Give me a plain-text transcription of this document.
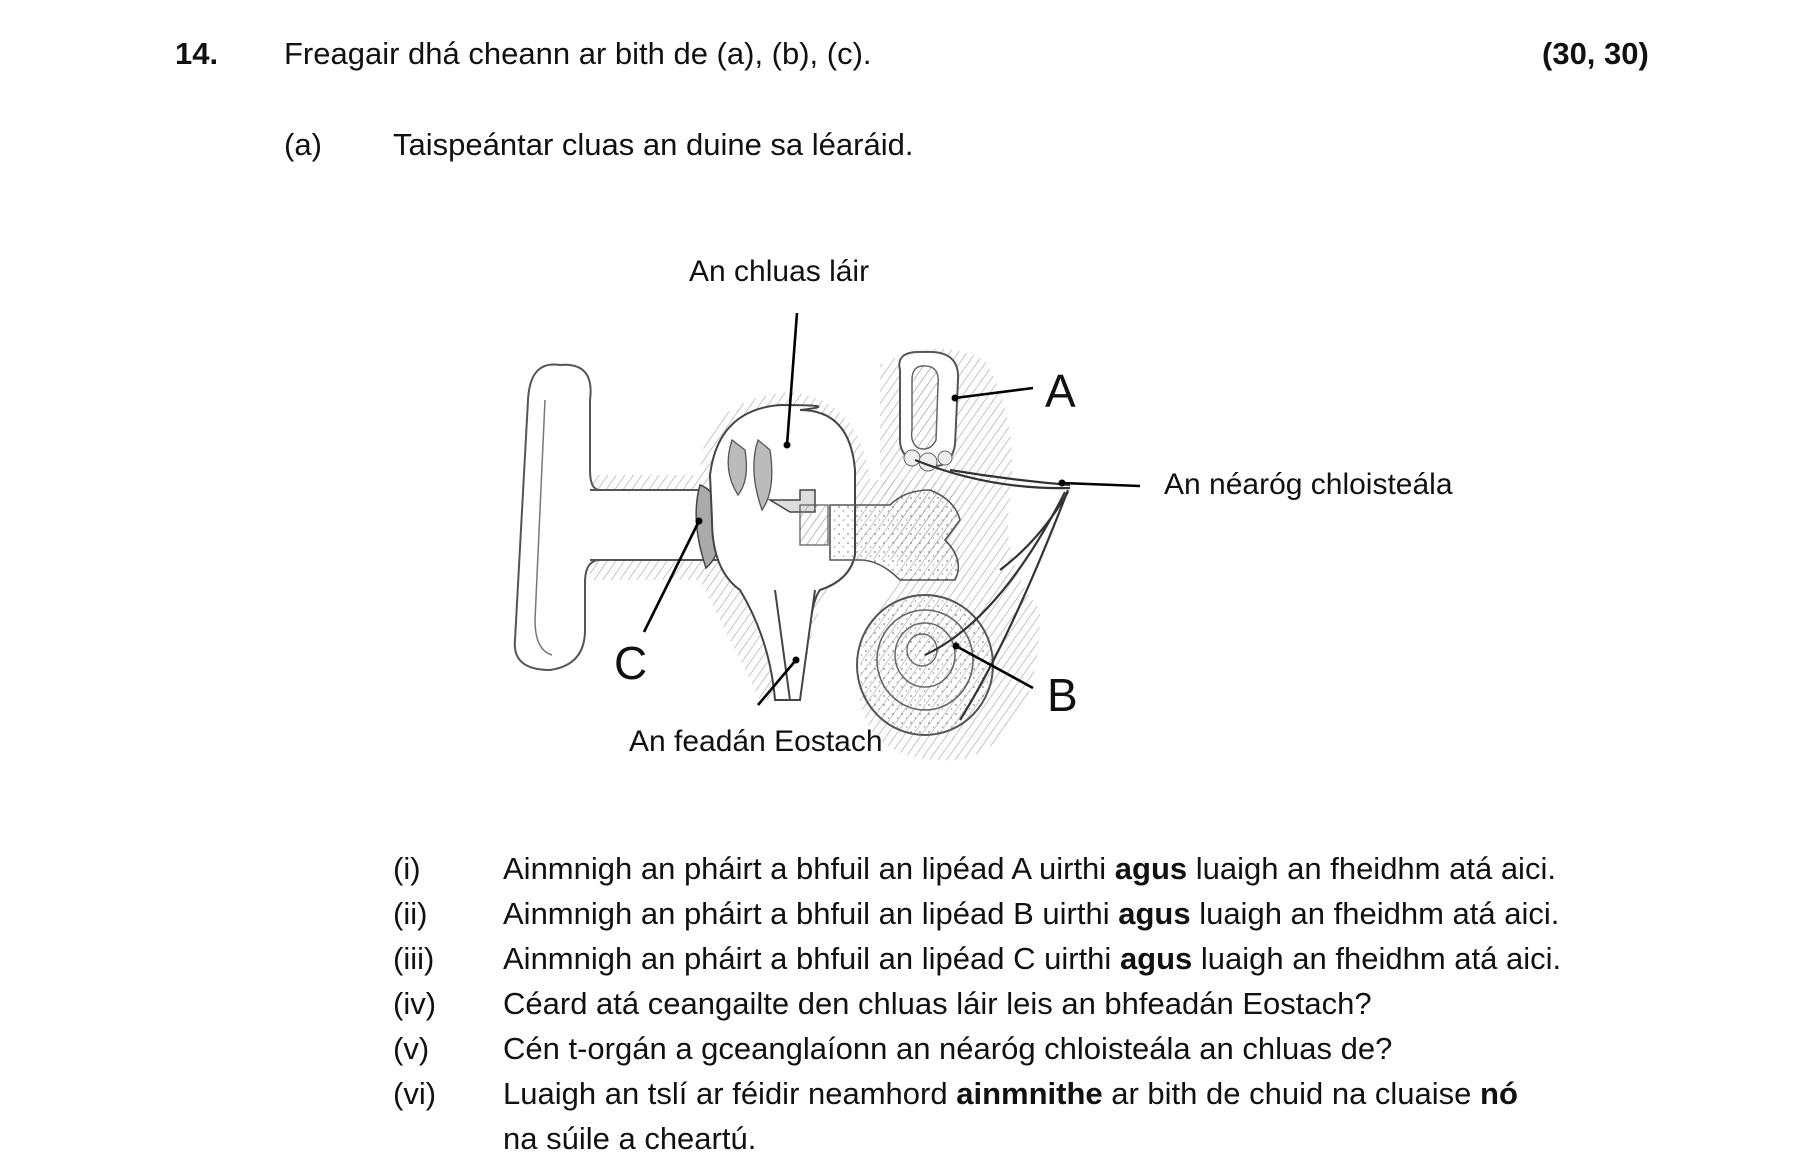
14. Freagair dhá cheann ar bith de (a), (b), (c).	(30, 30)
(a) Taispeántar cluas an duine sa léaráid.
An chluas láir
An néaróg chloisteála
An feadán Eostach
A
B
C
(i)	Ainmnigh an pháirt a bhfuil an lipéad A uirthi agus luaigh an fheidhm atá aici.
(ii)	Ainmnigh an pháirt a bhfuil an lipéad B uirthi agus luaigh an fheidhm atá aici.
(iii)	Ainmnigh an pháirt a bhfuil an lipéad C uirthi agus luaigh an fheidhm atá aici.
(iv)	Céard atá ceangailte den chluas láir leis an bhfeadán Eostach?
(v)	Cén t-orgán a gceanglaíonn an néaróg chloisteála an chluas de?
(vi)	Luaigh an tslí ar féidir neamhord ainmnithe ar bith de chuid na cluaise nó
na súile a cheartú.
